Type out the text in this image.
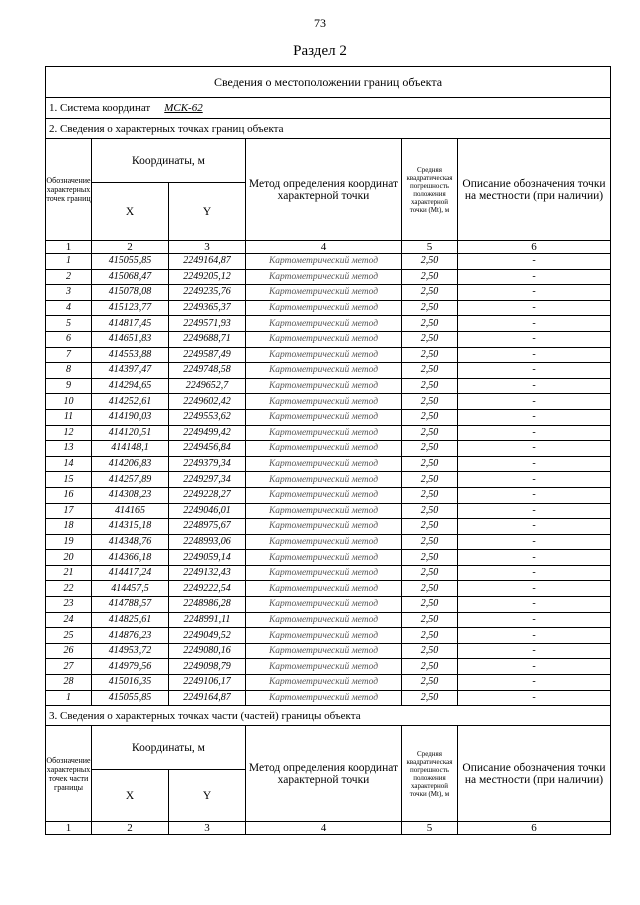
73
Раздел 2
Сведения о местоположении границ объекта					
1. Система координат МСК-62					
2. Сведения о характерных точках границ объекта					
Обозначение характерных точек границ	Координаты, м		Метод определения координат характерной точки	Средняя квадратическая погрешность положения характерной точки (Mt), м	Описание обозначения точки на местности (при наличии)
	X	Y			
1	2	3	4	5	6
1	415055,85	2249164,87	Картометрический метод	2,50	-
2	415068,47	2249205,12	Картометрический метод	2,50	-
3	415078,08	2249235,76	Картометрический метод	2,50	-
4	415123,77	2249365,37	Картометрический метод	2,50	-
5	414817,45	2249571,93	Картометрический метод	2,50	-
6	414651,83	2249688,71	Картометрический метод	2,50	-
7	414553,88	2249587,49	Картометрический метод	2,50	-
8	414397,47	2249748,58	Картометрический метод	2,50	-
9	414294,65	2249652,7	Картометрический метод	2,50	-
10	414252,61	2249602,42	Картометрический метод	2,50	-
11	414190,03	2249553,62	Картометрический метод	2,50	-
12	414120,51	2249499,42	Картометрический метод	2,50	-
13	414148,1	2249456,84	Картометрический метод	2,50	-
14	414206,83	2249379,34	Картометрический метод	2,50	-
15	414257,89	2249297,34	Картометрический метод	2,50	-
16	414308,23	2249228,27	Картометрический метод	2,50	-
17	414165	2249046,01	Картометрический метод	2,50	-
18	414315,18	2248975,67	Картометрический метод	2,50	-
19	414348,76	2248993,06	Картометрический метод	2,50	-
20	414366,18	2249059,14	Картометрический метод	2,50	-
21	414417,24	2249132,43	Картометрический метод	2,50	-
22	414457,5	2249222,54	Картометрический метод	2,50	-
23	414788,57	2248986,28	Картометрический метод	2,50	-
24	414825,61	2248991,11	Картометрический метод	2,50	-
25	414876,23	2249049,52	Картометрический метод	2,50	-
26	414953,72	2249080,16	Картометрический метод	2,50	-
27	414979,56	2249098,79	Картометрический метод	2,50	-
28	415016,35	2249106,17	Картометрический метод	2,50	-
1	415055,85	2249164,87	Картометрический метод	2,50	-
3. Сведения о характерных точках части (частей) границы объекта					
Обозначение характерных точек части границы	Координаты, м		Метод определения координат характерной точки	Средняя квадратическая погрешность положения характерной точки (Mt), м	Описание обозначения точки на местности (при наличии)
	X	Y			
1	2	3	4	5	6
